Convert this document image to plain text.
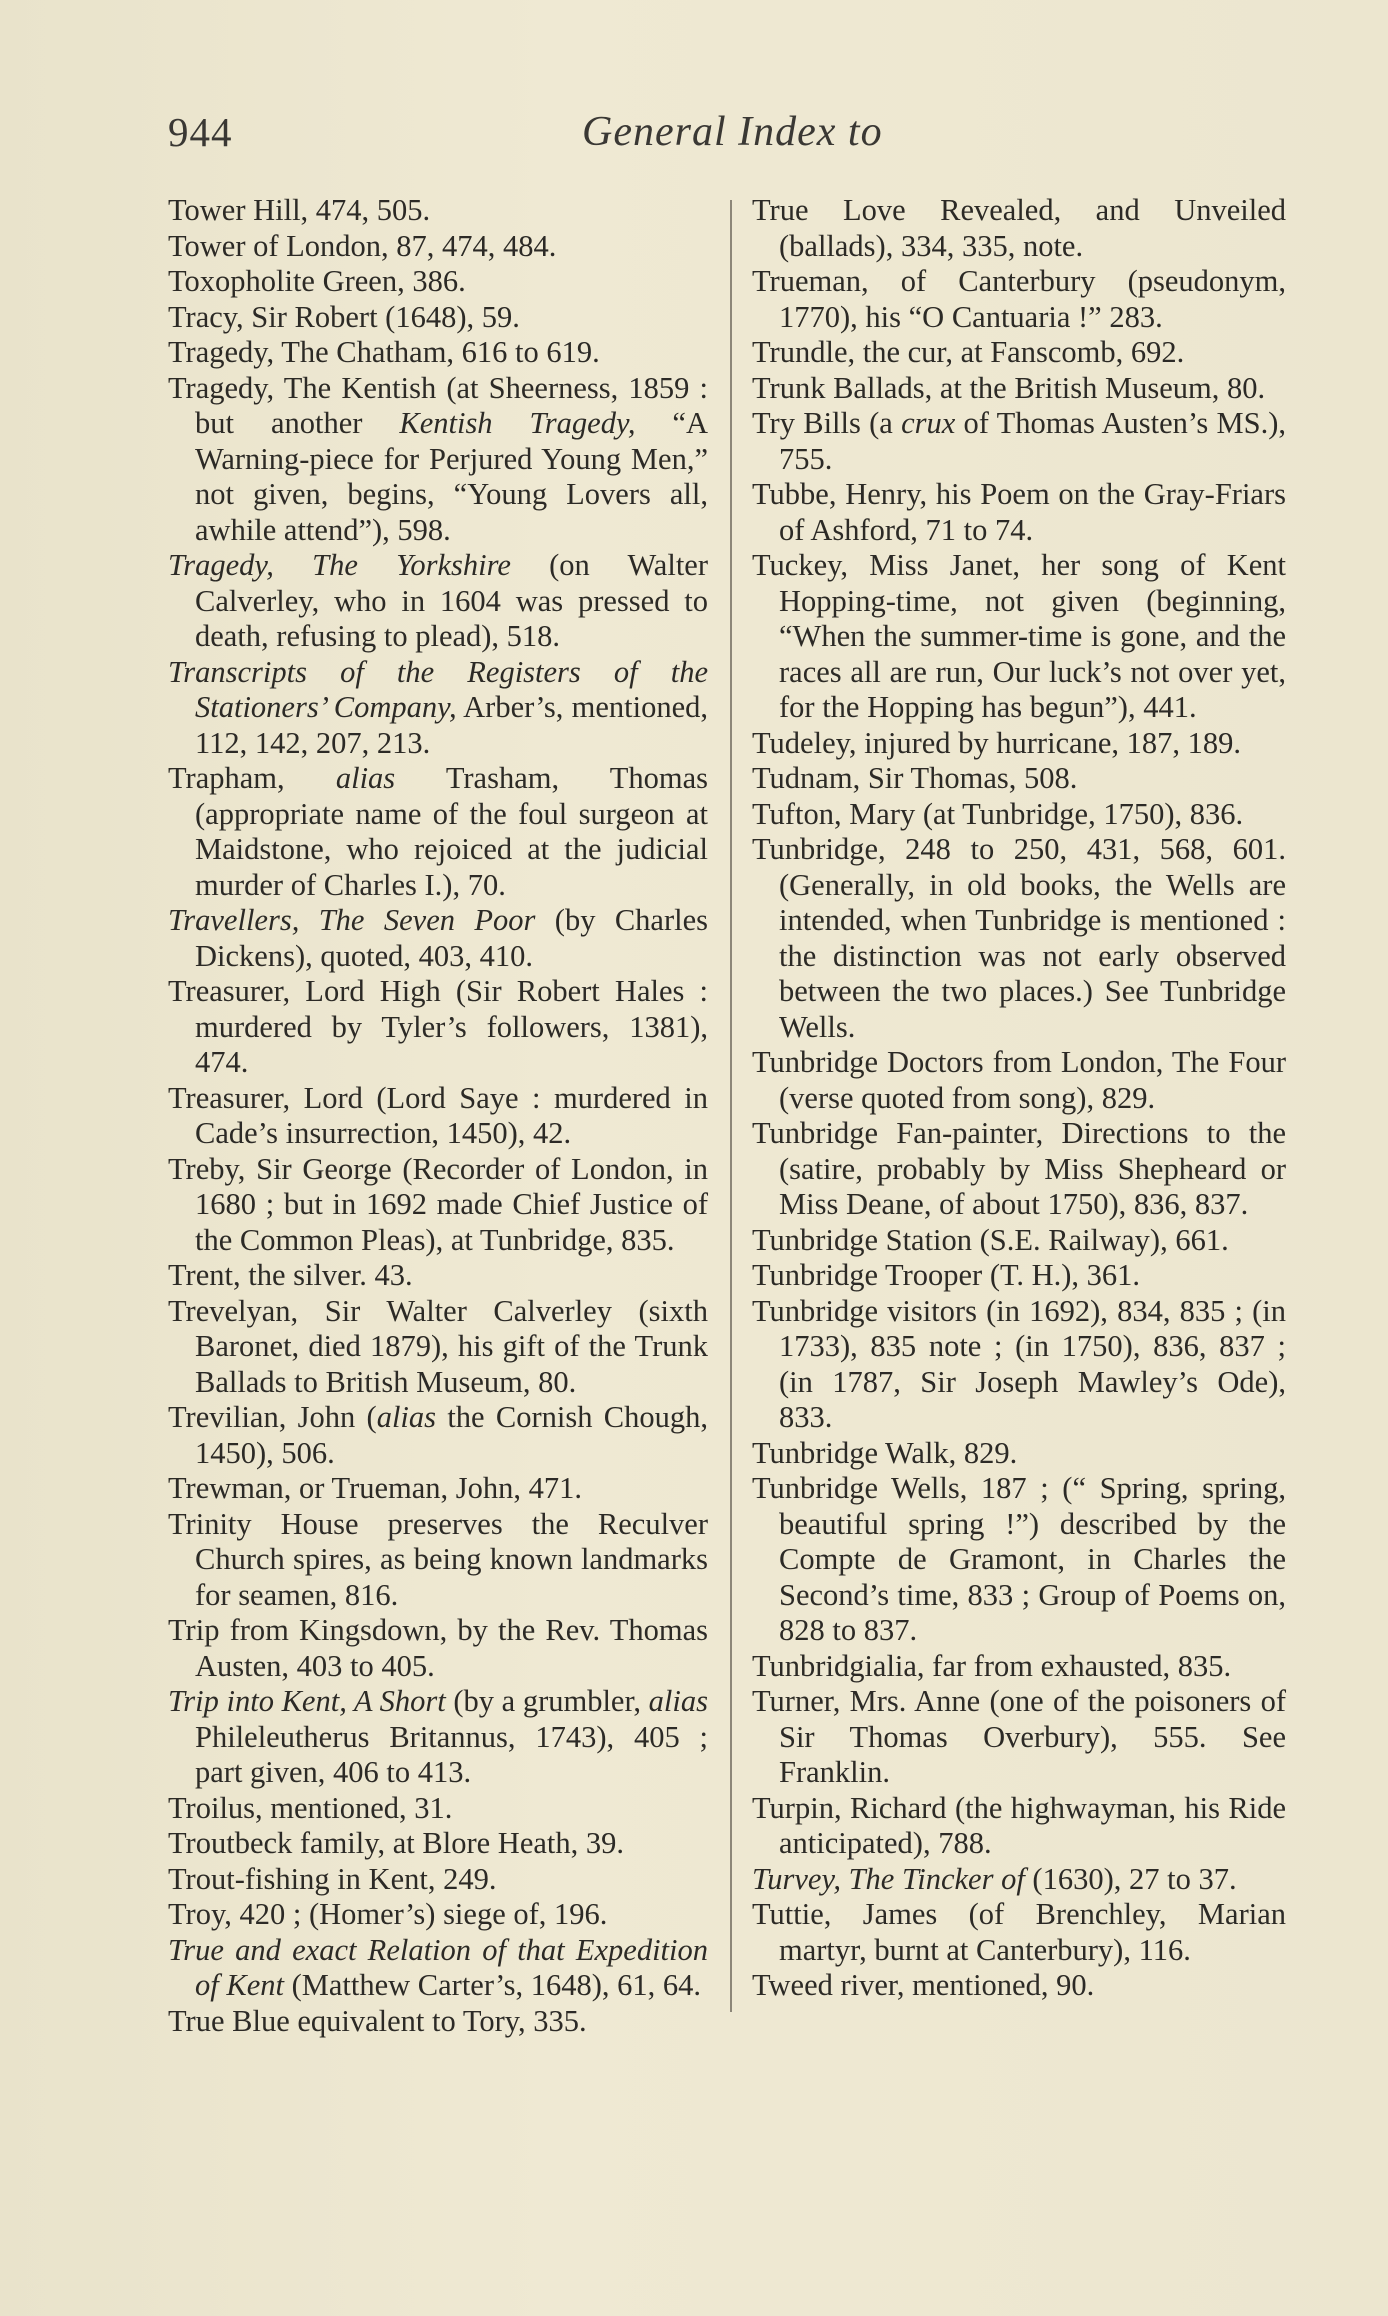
944	General Index to

Tower Hill, 474, 505.

Tower of London, 87, 474, 484.

Toxopholite Green, 386.

Tracy, Sir Robert (1648), 59.

Tragedy, The Chatham, 616 to 619.

Tragedy, The Kentish (at Sheerness, 1859 : but another Kentish Tragedy, “A Warning-piece for Perjured Young Men,” not given, begins, “Young Lovers all, awhile attend”), 598.

Tragedy, The Yorkshire (on Walter Calverley, who in 1604 was pressed to death, refusing to plead), 518.

Transcripts of the Registers of the Stationers’ Company, Arber’s, mentioned, 112, 142, 207, 213.

Trapham, alias Trasham, Thomas (appropriate name of the foul surgeon at Maidstone, who rejoiced at the judicial murder of Charles I.), 70.

Travellers, The Seven Poor (by Charles Dickens), quoted, 403, 410.

Treasurer, Lord High (Sir Robert Hales : murdered by Tyler’s followers, 1381), 474.

Treasurer, Lord (Lord Saye : murdered in Cade’s insurrection, 1450), 42.

Treby, Sir George (Recorder of London, in 1680 ; but in 1692 made Chief Justice of the Common Pleas), at Tunbridge, 835.

Trent, the silver. 43.

Trevelyan, Sir Walter Calverley (sixth Baronet, died 1879), his gift of the Trunk Ballads to British Museum, 80.

Trevilian, John (alias the Cornish Chough, 1450), 506.

Trewman, or Trueman, John, 471.

Trinity House preserves the Reculver Church spires, as being known landmarks for seamen, 816.

Trip from Kingsdown, by the Rev. Thomas Austen, 403 to 405.

Trip into Kent, A Short (by a grumbler, alias Phileleutherus Britannus, 1743), 405 ; part given, 406 to 413.

Troilus, mentioned, 31.

Troutbeck family, at Blore Heath, 39.

Trout-fishing in Kent, 249.

Troy, 420 ; (Homer’s) siege of, 196.

True and exact Relation of that Expedition of Kent (Matthew Carter’s, 1648), 61, 64.

True Blue equivalent to Tory, 335.

True Love Revealed, and Unveiled (ballads), 334, 335, note.

Trueman, of Canterbury (pseudonym, 1770), his “O Cantuaria !” 283.

Trundle, the cur, at Fanscomb, 692.

Trunk Ballads, at the British Museum, 80.

Try Bills (a crux of Thomas Austen’s MS.), 755.

Tubbe, Henry, his Poem on the Gray-Friars of Ashford, 71 to 74.

Tuckey, Miss Janet, her song of Kent Hopping-time, not given (beginning, “When the summer-time is gone, and the races all are run, Our luck’s not over yet, for the Hopping has begun”), 441.

Tudeley, injured by hurricane, 187, 189.

Tudnam, Sir Thomas, 508.

Tufton, Mary (at Tunbridge, 1750), 836.

Tunbridge, 248 to 250, 431, 568, 601. (Generally, in old books, the Wells are intended, when Tunbridge is mentioned : the distinction was not early observed between the two places.) See Tunbridge Wells.

Tunbridge Doctors from London, The Four (verse quoted from song), 829.

Tunbridge Fan-painter, Directions to the (satire, probably by Miss Shepheard or Miss Deane, of about 1750), 836, 837.

Tunbridge Station (S.E. Railway), 661.

Tunbridge Trooper (T. H.), 361.

Tunbridge visitors (in 1692), 834, 835 ; (in 1733), 835 note ; (in 1750), 836, 837 ; (in 1787, Sir Joseph Mawley’s Ode), 833.

Tunbridge Walk, 829.

Tunbridge Wells, 187 ; (“ Spring, spring, beautiful spring !”) described by the Compte de Gramont, in Charles the Second’s time, 833 ; Group of Poems on, 828 to 837.

Tunbridgialia, far from exhausted, 835.

Turner, Mrs. Anne (one of the poisoners of Sir Thomas Overbury), 555. See Franklin.

Turpin, Richard (the highwayman, his Ride anticipated), 788.

Turvey, The Tincker of (1630), 27 to 37.

Tuttie, James (of Brenchley, Marian martyr, burnt at Canterbury), 116.

Tweed river, mentioned, 90.
